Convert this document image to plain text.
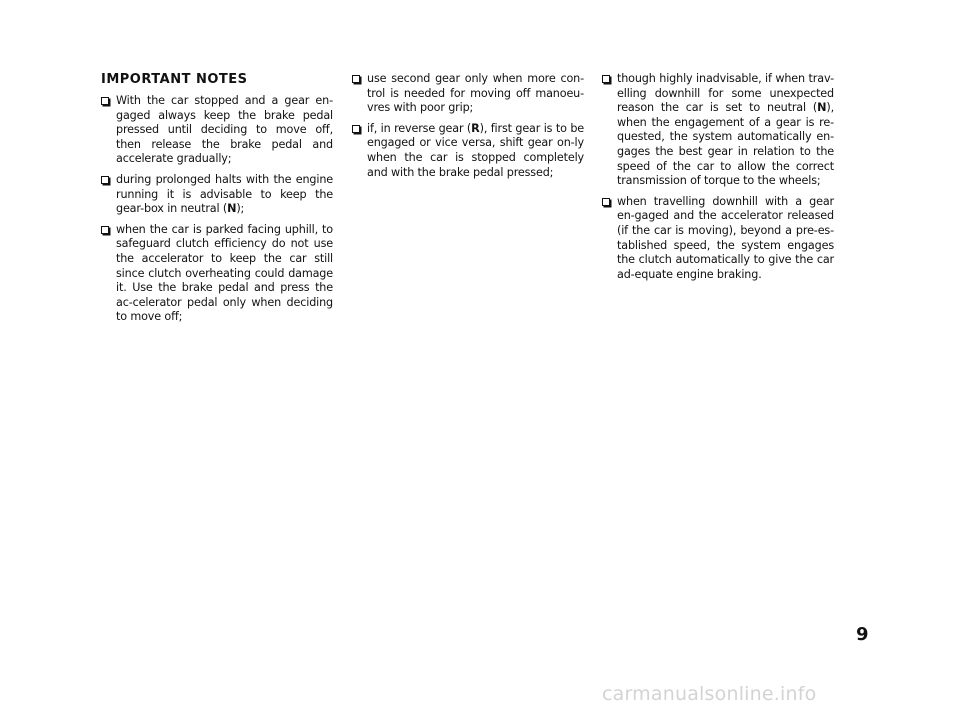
IMPORTANT NOTES
With the car stopped and a gear en-gaged always keep the brake pedal pressed until deciding to move off, then release the brake pedal and accelerate gradually;
during prolonged halts with the engine running it is advisable to keep the gear-box in neutral (N);
when the car is parked facing uphill, to safeguard clutch efficiency do not use the accelerator to keep the car still since clutch overheating could damage it. Use the brake pedal and press the ac-celerator pedal only when deciding to move off;
use second gear only when more con-trol is needed for moving off manoeu-vres with poor grip;
if, in reverse gear (R), first gear is to be engaged or vice versa, shift gear on-ly when the car is stopped completely and with the brake pedal pressed;
though highly inadvisable, if when trav-elling downhill for some unexpected reason the car is set to neutral (N), when the engagement of a gear is re-quested, the system automatically en-gages the best gear in relation to the speed of the car to allow the correct transmission of torque to the wheels;
when travelling downhill with a gear en-gaged and the accelerator released (if the car is moving), beyond a pre-es-tablished speed, the system engages the clutch automatically to give the car ad-equate engine braking.
9
carmanualsonline.info
